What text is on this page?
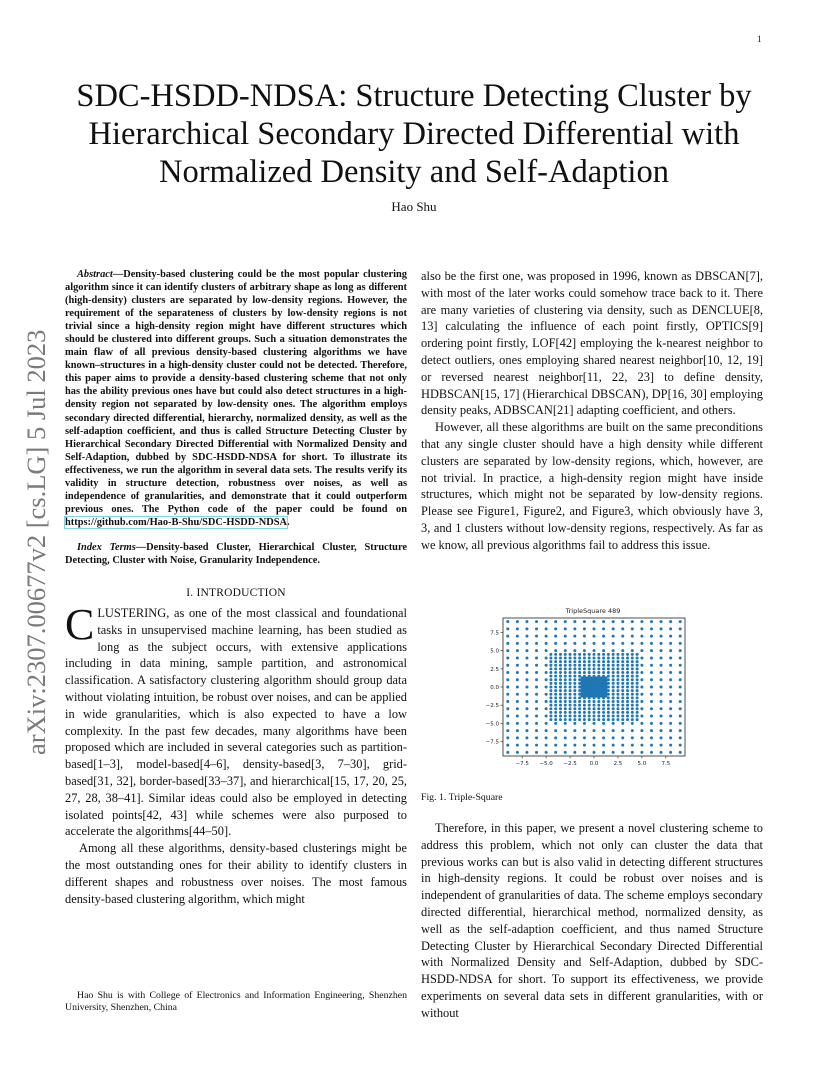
1
arXiv:2307.00677v2 [cs.LG] 5 Jul 2023
SDC-HSDD-NDSA: Structure Detecting Cluster by Hierarchical Secondary Directed Differential with Normalized Density and Self-Adaption
Hao Shu

Abstract—Density-based clustering could be the most popular clustering algorithm since it can identify clusters of arbitrary shape as long as different (high-density) clusters are separated by low-density regions. However, the requirement of the separateness of clusters by low-density regions is not trivial since a high-density region might have different structures which should be clustered into different groups. Such a situation demonstrates the main flaw of all previous density-based clustering algorithms we have known–structures in a high-density cluster could not be detected. Therefore, this paper aims to provide a density-based clustering scheme that not only has the ability previous ones have but could also detect structures in a high-density region not separated by low-density ones. The algorithm employs secondary directed differential, hierarchy, normalized density, as well as the self-adaption coefficient, and thus is called Structure Detecting Cluster by Hierarchical Secondary Directed Differential with Normalized Density and Self-Adaption, dubbed by SDC-HSDD-NDSA for short. To illustrate its effectiveness, we run the algorithm in several data sets. The results verify its validity in structure detection, robustness over noises, as well as independence of granularities, and demonstrate that it could outperform previous ones. The Python code of the paper could be found on https://github.com/Hao-B-Shu/SDC-HSDD-NDSA.

Index Terms—Density-based Cluster, Hierarchical Cluster, Structure Detecting, Cluster with Noise, Granularity Independence.

I. INTRODUCTION

CLUSTERING, as one of the most classical and foundational tasks in unsupervised machine learning, has been studied as long as the subject occurs, with extensive applications including in data mining, sample partition, and astronomical classification. A satisfactory clustering algorithm should group data without violating intuition, be robust over noises, and can be applied in wide granularities, which is also expected to have a low complexity. In the past few decades, many algorithms have been proposed which are included in several categories such as partition-based[1–3], model-based[4–6], density-based[3, 7–30], grid-based[31, 32], border-based[33–37], and hierarchical[15, 17, 20, 25, 27, 28, 38–41]. Similar ideas could also be employed in detecting isolated points[42, 43] while schemes were also purposed to accelerate the algorithms[44–50].

Among all these algorithms, density-based clusterings might be the most outstanding ones for their ability to identify clusters in different shapes and robustness over noises. The most famous density-based clustering algorithm, which might

Hao Shu is with College of Electronics and Information Engineering, Shenzhen University, Shenzhen, China

also be the first one, was proposed in 1996, known as DBSCAN[7], with most of the later works could somehow trace back to it. There are many varieties of clustering via density, such as DENCLUE[8, 13] calculating the influence of each point firstly, OPTICS[9] ordering point firstly, LOF[42] employing the k-nearest neighbor to detect outliers, ones employing shared nearest neighbor[10, 12, 19] or reversed nearest neighbor[11, 22, 23] to define density, HDBSCAN[15, 17] (Hierarchical DBSCAN), DP[16, 30] employing density peaks, ADBSCAN[21] adapting coefficient, and others.

However, all these algorithms are built on the same preconditions that any single cluster should have a high density while different clusters are separated by low-density regions, which, however, are not trivial. In practice, a high-density region might have inside structures, which might not be separated by low-density regions. Please see Figure1, Figure2, and Figure3, which obviously have 3, 3, and 1 clusters without low-density regions, respectively. As far as we know, all previous algorithms fail to address this issue.

TripleSquare 489
−7.5 −5.0 −2.5 0.0	2.5	5.0	7.5
7.5
5.0
2.5
0.0
−2.5
−5.0
−7.5
Fig. 1. Triple-Square

Therefore, in this paper, we present a novel clustering scheme to address this problem, which not only can cluster the data that previous works can but is also valid in detecting different structures in high-density regions. It could be robust over noises and is independent of granularities of data. The scheme employs secondary directed differential, hierarchical method, normalized density, as well as the self-adaption coefficient, and thus named Structure Detecting Cluster by Hierarchical Secondary Directed Differential with Normalized Density and Self-Adaption, dubbed by SDC-HSDD-NDSA for short. To support its effectiveness, we provide experiments on several data sets in different granularities, with or without
